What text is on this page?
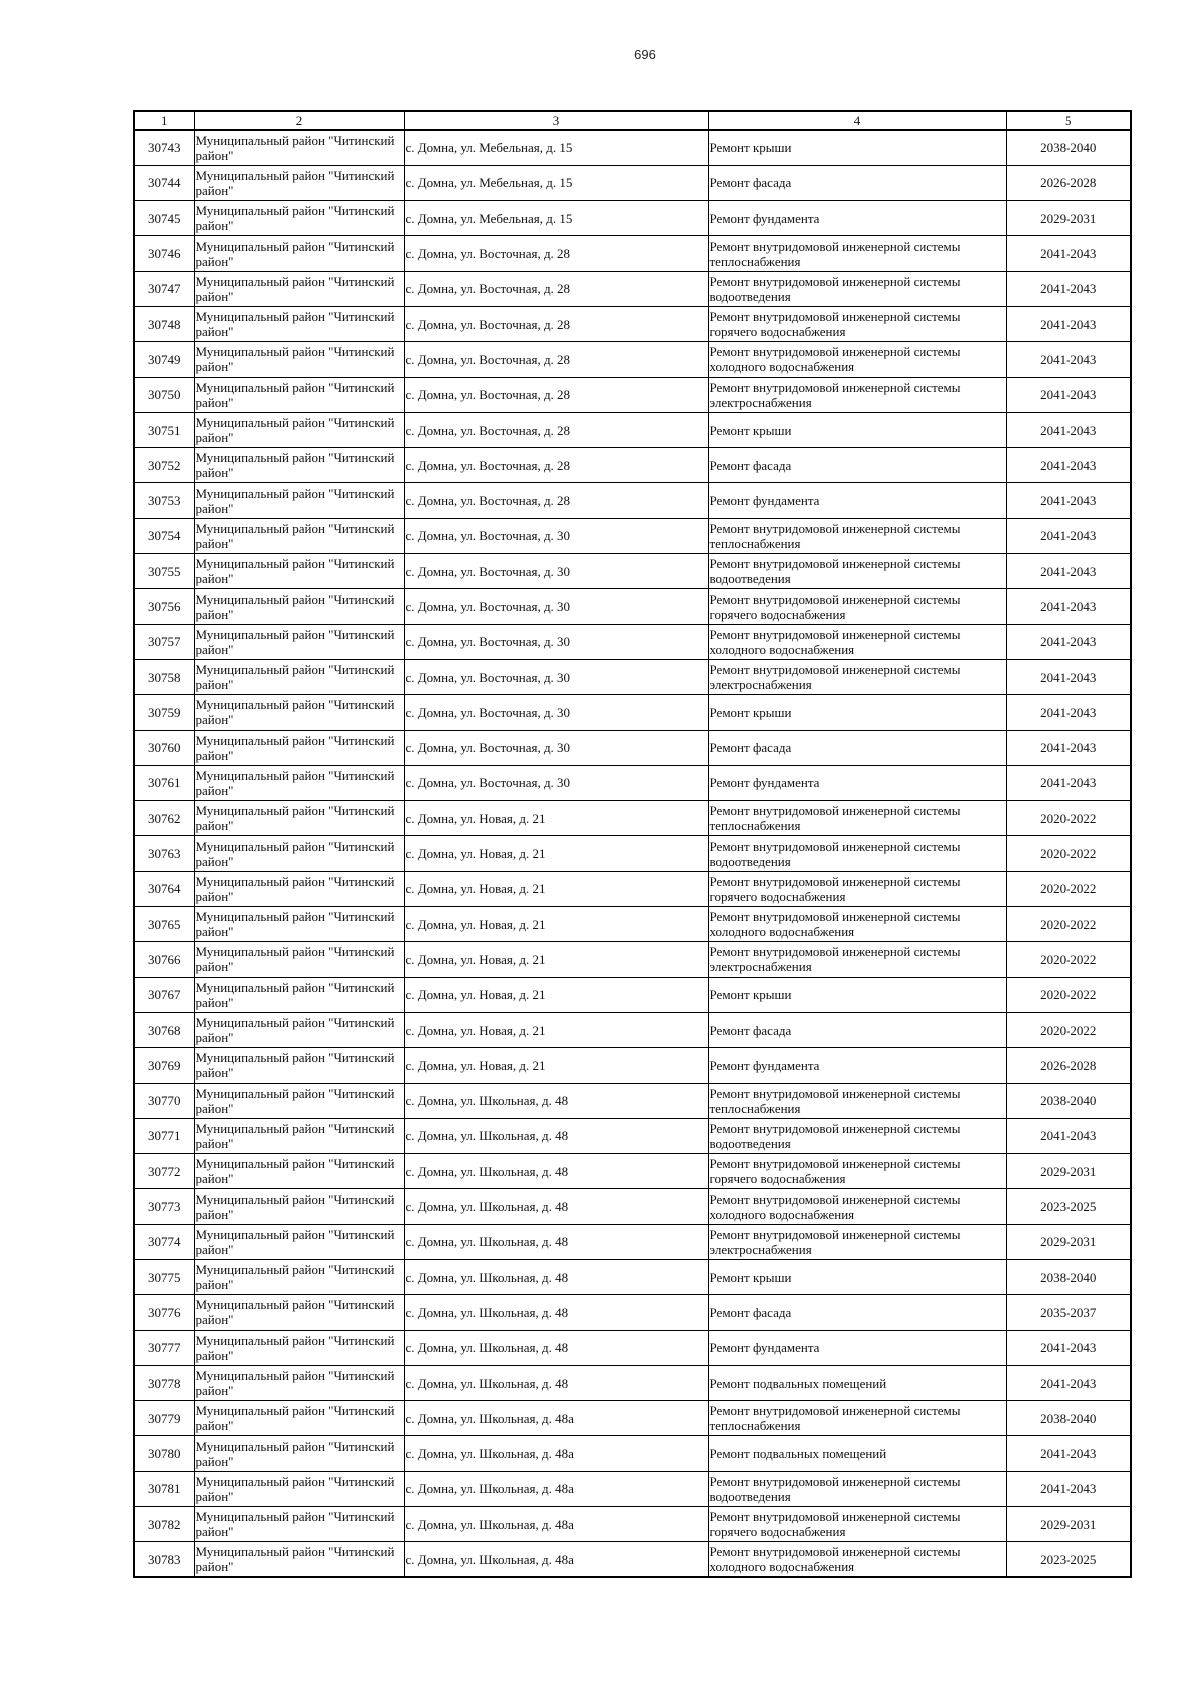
696
1	2	3	4	5
30743	Муниципальный район "Читинский район"	с. Домна, ул. Мебельная, д. 15	Ремонт крыши	2038-2040
30744	Муниципальный район "Читинский район"	с. Домна, ул. Мебельная, д. 15	Ремонт фасада	2026-2028
30745	Муниципальный район "Читинский район"	с. Домна, ул. Мебельная, д. 15	Ремонт фундамента	2029-2031
30746	Муниципальный район "Читинский район"	с. Домна, ул. Восточная, д. 28	Ремонт внутридомовой инженерной системы теплоснабжения	2041-2043
30747	Муниципальный район "Читинский район"	с. Домна, ул. Восточная, д. 28	Ремонт внутридомовой инженерной системы водоотведения	2041-2043
30748	Муниципальный район "Читинский район"	с. Домна, ул. Восточная, д. 28	Ремонт внутридомовой инженерной системы горячего водоснабжения	2041-2043
30749	Муниципальный район "Читинский район"	с. Домна, ул. Восточная, д. 28	Ремонт внутридомовой инженерной системы холодного водоснабжения	2041-2043
30750	Муниципальный район "Читинский район"	с. Домна, ул. Восточная, д. 28	Ремонт внутридомовой инженерной системы электроснабжения	2041-2043
30751	Муниципальный район "Читинский район"	с. Домна, ул. Восточная, д. 28	Ремонт крыши	2041-2043
30752	Муниципальный район "Читинский район"	с. Домна, ул. Восточная, д. 28	Ремонт фасада	2041-2043
30753	Муниципальный район "Читинский район"	с. Домна, ул. Восточная, д. 28	Ремонт фундамента	2041-2043
30754	Муниципальный район "Читинский район"	с. Домна, ул. Восточная, д. 30	Ремонт внутридомовой инженерной системы теплоснабжения	2041-2043
30755	Муниципальный район "Читинский район"	с. Домна, ул. Восточная, д. 30	Ремонт внутридомовой инженерной системы водоотведения	2041-2043
30756	Муниципальный район "Читинский район"	с. Домна, ул. Восточная, д. 30	Ремонт внутридомовой инженерной системы горячего водоснабжения	2041-2043
30757	Муниципальный район "Читинский район"	с. Домна, ул. Восточная, д. 30	Ремонт внутридомовой инженерной системы холодного водоснабжения	2041-2043
30758	Муниципальный район "Читинский район"	с. Домна, ул. Восточная, д. 30	Ремонт внутридомовой инженерной системы электроснабжения	2041-2043
30759	Муниципальный район "Читинский район"	с. Домна, ул. Восточная, д. 30	Ремонт крыши	2041-2043
30760	Муниципальный район "Читинский район"	с. Домна, ул. Восточная, д. 30	Ремонт фасада	2041-2043
30761	Муниципальный район "Читинский район"	с. Домна, ул. Восточная, д. 30	Ремонт фундамента	2041-2043
30762	Муниципальный район "Читинский район"	с. Домна, ул. Новая, д. 21	Ремонт внутридомовой инженерной системы теплоснабжения	2020-2022
30763	Муниципальный район "Читинский район"	с. Домна, ул. Новая, д. 21	Ремонт внутридомовой инженерной системы водоотведения	2020-2022
30764	Муниципальный район "Читинский район"	с. Домна, ул. Новая, д. 21	Ремонт внутридомовой инженерной системы горячего водоснабжения	2020-2022
30765	Муниципальный район "Читинский район"	с. Домна, ул. Новая, д. 21	Ремонт внутридомовой инженерной системы холодного водоснабжения	2020-2022
30766	Муниципальный район "Читинский район"	с. Домна, ул. Новая, д. 21	Ремонт внутридомовой инженерной системы электроснабжения	2020-2022
30767	Муниципальный район "Читинский район"	с. Домна, ул. Новая, д. 21	Ремонт крыши	2020-2022
30768	Муниципальный район "Читинский район"	с. Домна, ул. Новая, д. 21	Ремонт фасада	2020-2022
30769	Муниципальный район "Читинский район"	с. Домна, ул. Новая, д. 21	Ремонт фундамента	2026-2028
30770	Муниципальный район "Читинский район"	с. Домна, ул. Школьная, д. 48	Ремонт внутридомовой инженерной системы теплоснабжения	2038-2040
30771	Муниципальный район "Читинский район"	с. Домна, ул. Школьная, д. 48	Ремонт внутридомовой инженерной системы водоотведения	2041-2043
30772	Муниципальный район "Читинский район"	с. Домна, ул. Школьная, д. 48	Ремонт внутридомовой инженерной системы горячего водоснабжения	2029-2031
30773	Муниципальный район "Читинский район"	с. Домна, ул. Школьная, д. 48	Ремонт внутридомовой инженерной системы холодного водоснабжения	2023-2025
30774	Муниципальный район "Читинский район"	с. Домна, ул. Школьная, д. 48	Ремонт внутридомовой инженерной системы электроснабжения	2029-2031
30775	Муниципальный район "Читинский район"	с. Домна, ул. Школьная, д. 48	Ремонт крыши	2038-2040
30776	Муниципальный район "Читинский район"	с. Домна, ул. Школьная, д. 48	Ремонт фасада	2035-2037
30777	Муниципальный район "Читинский район"	с. Домна, ул. Школьная, д. 48	Ремонт фундамента	2041-2043
30778	Муниципальный район "Читинский район"	с. Домна, ул. Школьная, д. 48	Ремонт подвальных помещений	2041-2043
30779	Муниципальный район "Читинский район"	с. Домна, ул. Школьная, д. 48а	Ремонт внутридомовой инженерной системы теплоснабжения	2038-2040
30780	Муниципальный район "Читинский район"	с. Домна, ул. Школьная, д. 48а	Ремонт подвальных помещений	2041-2043
30781	Муниципальный район "Читинский район"	с. Домна, ул. Школьная, д. 48а	Ремонт внутридомовой инженерной системы водоотведения	2041-2043
30782	Муниципальный район "Читинский район"	с. Домна, ул. Школьная, д. 48а	Ремонт внутридомовой инженерной системы горячего водоснабжения	2029-2031
30783	Муниципальный район "Читинский район"	с. Домна, ул. Школьная, д. 48а	Ремонт внутридомовой инженерной системы холодного водоснабжения	2023-2025
